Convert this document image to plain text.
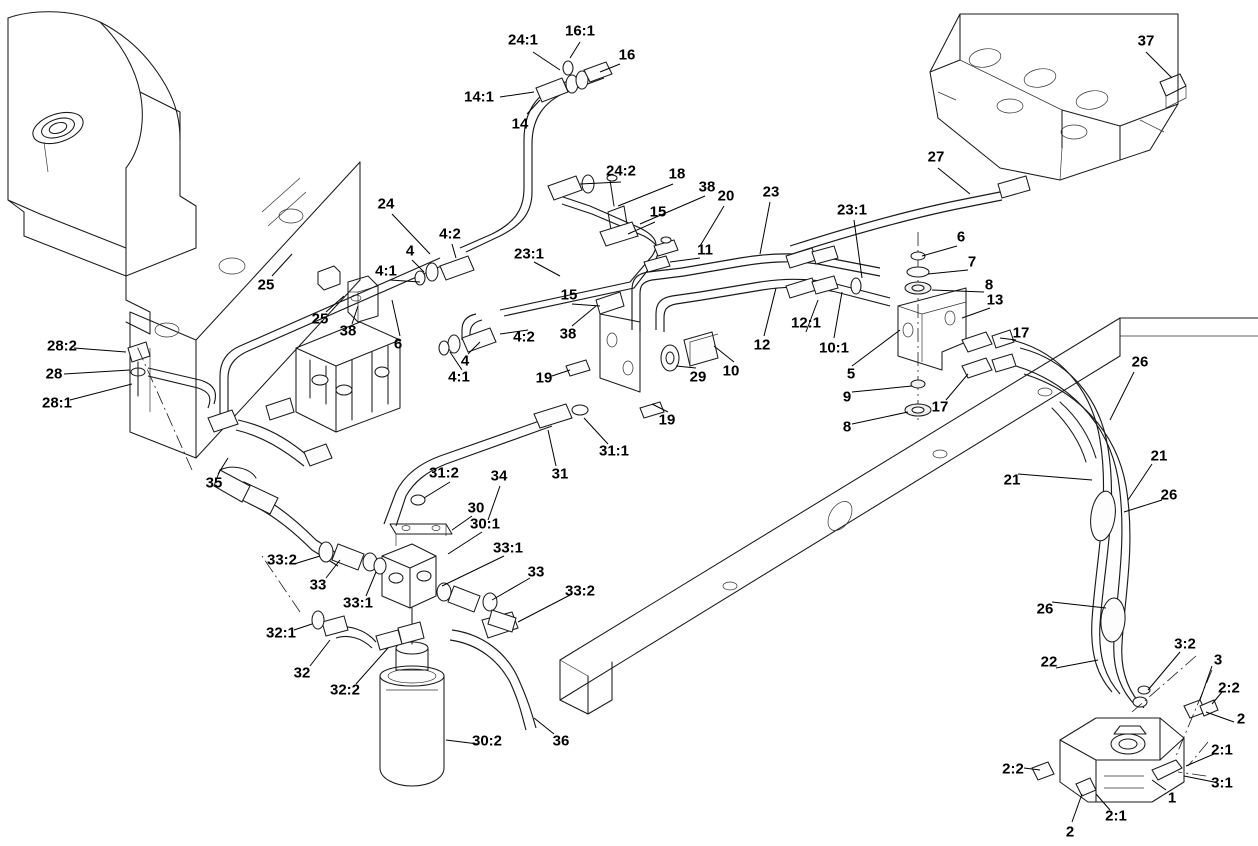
24:1
16:1
16
14:1
14
37
27
24:2 18
38
24	15
20 23
23:1
6
7
4
4:2
23:1	11
8
13
4:1
25
15
12:1
17
25
38	4:2 38
12	10:1
6
4
10	5
28:2
28	4:1	19	29
26
9
17
28:1
19	8
31:1
31
21
21
31:2 34
35
26
30
30:1
33:1
33:2
33
33
33:1
33:2
26
32:1
32
32:2
3:2
3
22
2:2
2
30:2	36
2:1
3:1
1
2:2
2:1
2
